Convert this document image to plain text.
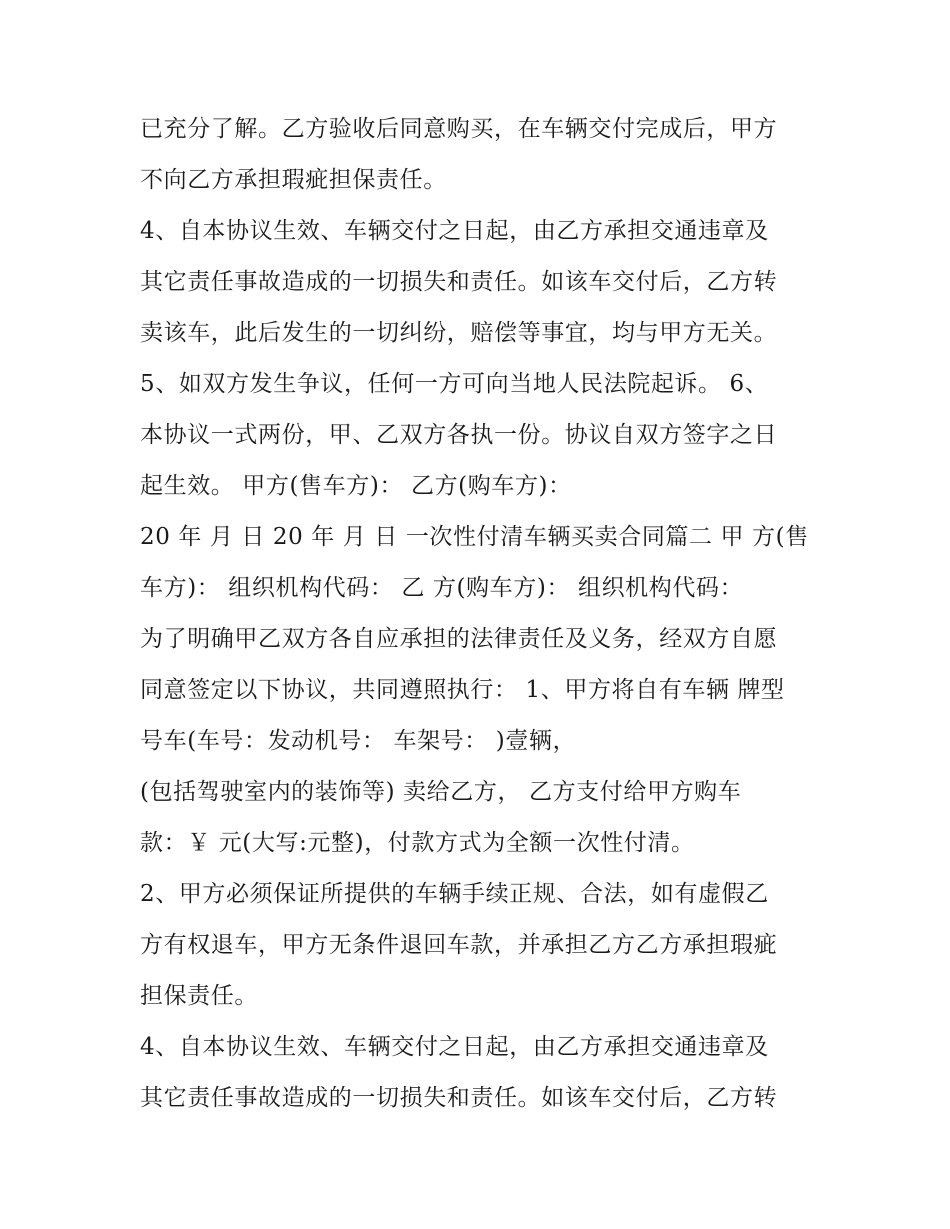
已充分了解。乙方验收后同意购买，在车辆交付完成后，甲方
不向乙方承担瑕疵担保责任。
4、自本协议生效、车辆交付之日起，由乙方承担交通违章及
其它责任事故造成的一切损失和责任。如该车交付后，乙方转
卖该车，此后发生的一切纠纷，赔偿等事宜，均与甲方无关。
5、如双方发生争议，任何一方可向当地人民法院起诉。 6、
本协议一式两份，甲、乙双方各执一份。协议自双方签字之日
起生效。 甲方(售车方)： 乙方(购车方)：
20 年 月 日 20 年 月 日 一次性付清车辆买卖合同篇二 甲 方(售
车方)： 组织机构代码： 乙 方(购车方)： 组织机构代码：
为了明确甲乙双方各自应承担的法律责任及义务，经双方自愿
同意签定以下协议，共同遵照执行： 1、甲方将自有车辆 牌型
号车(车号：发动机号： 车架号： )壹辆，
(包括驾驶室内的装饰等) 卖给乙方， 乙方支付给甲方购车
款：￥ 元(大写:元整)，付款方式为全额一次性付清。
2、甲方必须保证所提供的车辆手续正规、合法，如有虚假乙
方有权退车，甲方无条件退回车款，并承担乙方乙方承担瑕疵
担保责任。
4、自本协议生效、车辆交付之日起，由乙方承担交通违章及
其它责任事故造成的一切损失和责任。如该车交付后，乙方转
